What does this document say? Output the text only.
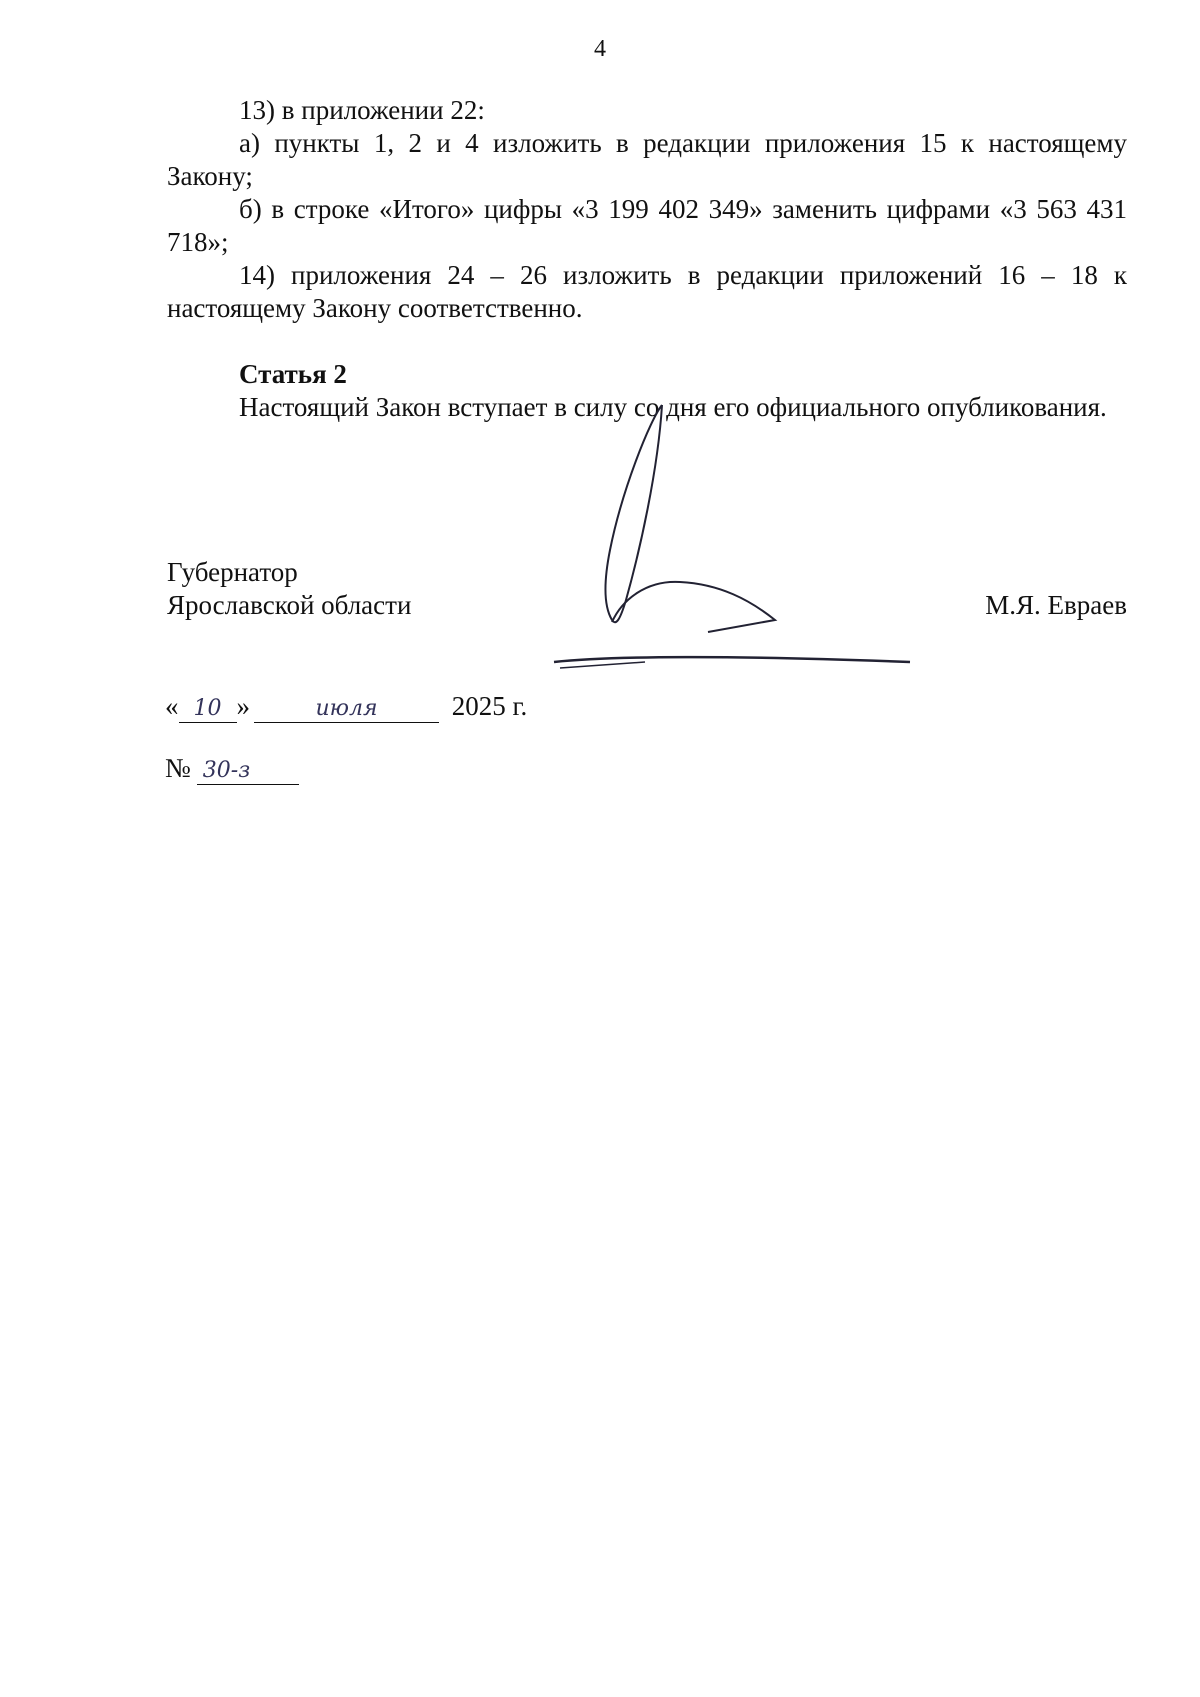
4

13) в приложении 22:

а) пункты 1, 2 и 4 изложить в редакции приложения 15 к настоящему Закону;

б) в строке «Итого» цифры «3 199 402 349» заменить цифрами «3 563 431 718»;

14) приложения 24 – 26 изложить в редакции приложений 16 – 18 к настоящему Закону соответственно.

Статья 2

Настоящий Закон вступает в силу со дня его официального опубликования.

Губернатор
Ярославской области	М.Я. Евраев
« 10 »	июля	2025 г.
№ 30-з
